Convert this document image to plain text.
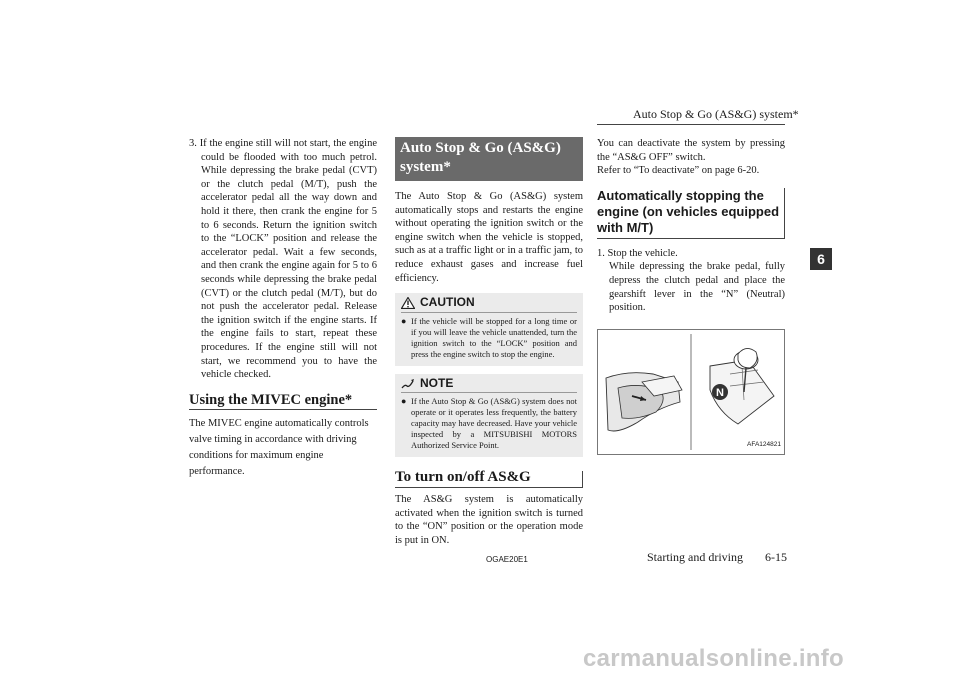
Auto Stop & Go (AS&G) system*
6

3. If the engine still will not start, the engine could be flooded with too much petrol. While depressing the brake pedal (CVT) or the clutch pedal (M/T), push the accelerator pedal all the way down and hold it there, then crank the engine for 5 to 6 seconds. Return the ignition switch to the “LOCK” position and release the accelerator pedal. Wait a few seconds, and then crank the engine again for 5 to 6 seconds while depressing the brake pedal (CVT) or the clutch pedal (M/T), but do not push the accelerator pedal. Release the ignition switch if the engine starts. If the engine fails to start, repeat these procedures. If the engine still will not start, we recommend you to have the vehicle checked.

Using the MIVEC engine*
The MIVEC engine automatically controls valve timing in accordance with driving conditions for maximum engine performance.
Auto Stop & Go (AS&G) system*
The Auto Stop & Go (AS&G) system automatically stops and restarts the engine without operating the ignition switch or the engine switch when the vehicle is stopped, such as at a traffic light or in a traffic jam, to reduce exhaust gases and increase fuel efficiency.
CAUTION
● If the vehicle will be stopped for a long time or if you will leave the vehicle unattended, turn the ignition switch to the “LOCK” position and press the engine switch to stop the engine.
NOTE
● If the Auto Stop & Go (AS&G) system does not operate or it operates less frequently, the battery capacity may have decreased. Have your vehicle inspected by a MITSUBISHI MOTORS Authorized Service Point.
To turn on/off AS&G
The AS&G system is automatically activated when the ignition switch is turned to the “ON” position or the operation mode is put in ON.
You can deactivate the system by pressing the “AS&G OFF” switch.
Refer to “To deactivate” on page 6-20.
Automatically stopping the engine (on vehicles equipped with M/T)

1. Stop the vehicle.

While depressing the brake pedal, fully depress the clutch pedal and place the gearshift lever in the “N” (Neutral) position.

N
AFA124821
OGAE20E1	Starting and driving 6-15
carmanualsonline.info
